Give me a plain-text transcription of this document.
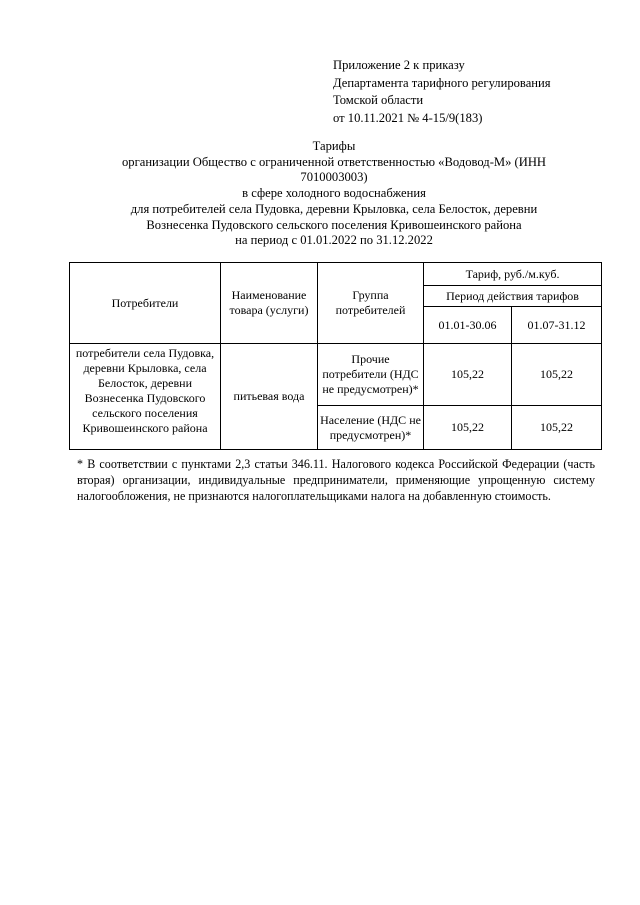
Приложение 2 к приказу
Департамента тарифного регулирования
Томской области
от 10.11.2021 № 4-15/9(183)
Тарифы
организации Общество с ограниченной ответственностью «Водовод-М» (ИНН
7010003003)
в сфере холодного водоснабжения
для потребителей села Пудовка, деревни Крыловка, села Белосток, деревни
Вознесенка Пудовского сельского поселения Кривошеинского района
на период с 01.01.2022 по 31.12.2022
Потребители	Наименование товара (услуги)	Группа потребителей	Тариф, руб./м.куб.	
			Период действия тарифов	
			01.01-30.06	01.07-31.12
потребители села Пудовка, деревни Крыловка, села Белосток, деревни Вознесенка Пудовского сельского поселения Кривошеинского района	питьевая вода	Прочие потребители (НДС не предусмотрен)*	105,22	105,22
		Население (НДС не предусмотрен)*	105,22	105,22
* В соответствии с пунктами 2,3 статьи 346.11. Налогового кодекса Российской Федерации (часть вторая) организации, индивидуальные предприниматели, применяющие упрощенную систему налогообложения, не признаются налогоплательщиками налога на добавленную стоимость.
